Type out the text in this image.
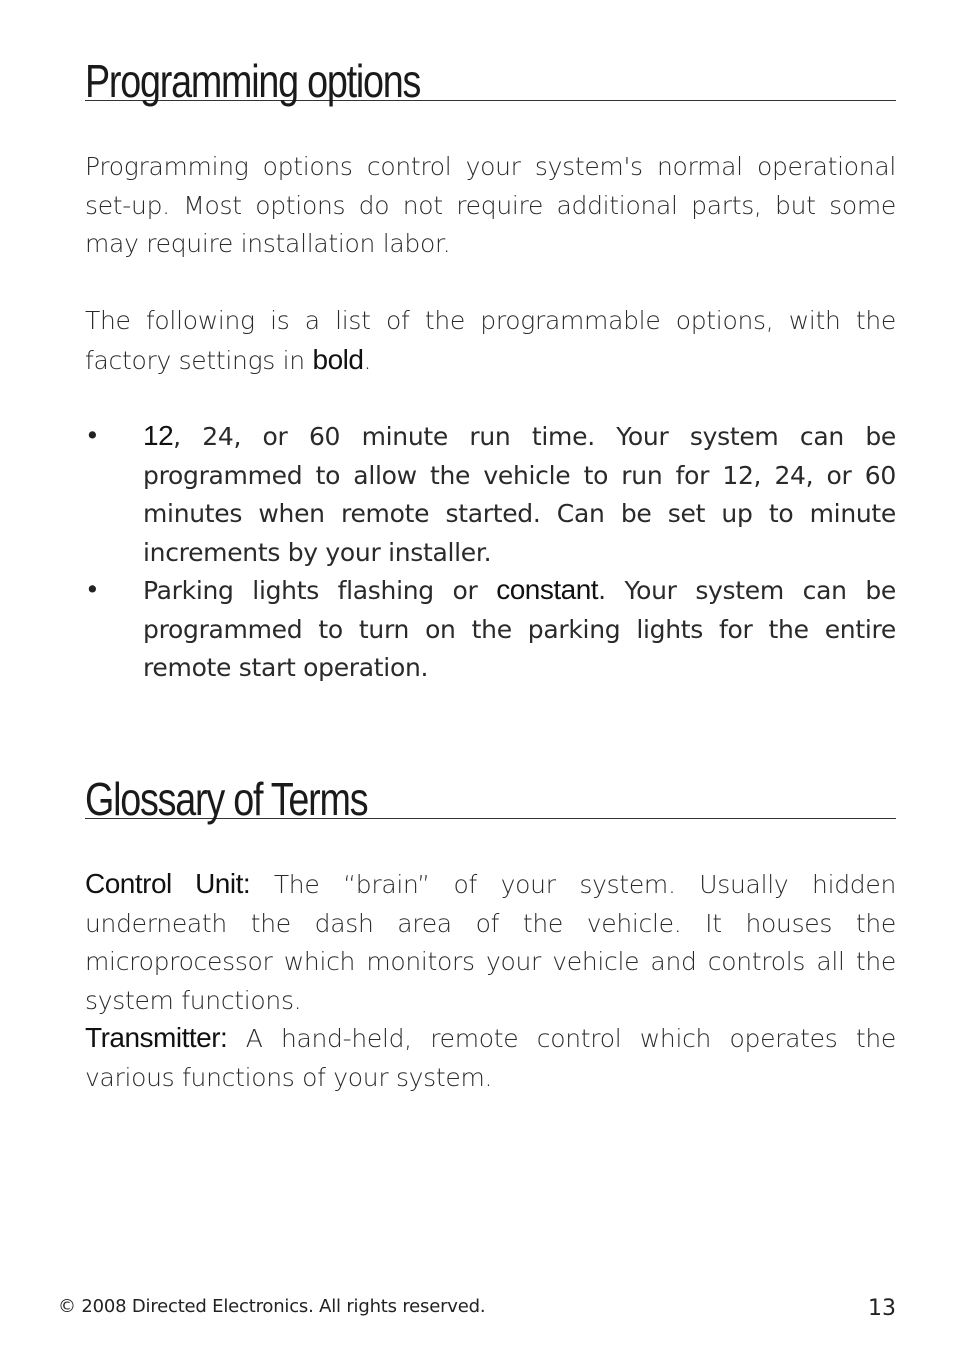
Programming options

Programming options control your system's normal operational set-up. Most options do not require additional parts, but some may require installation labor.

The following is a list of the programmable options, with the factory settings in bold.

• 12, 24, or 60 minute run time. Your system can be programmed to allow the vehicle to run for 12, 24, or 60 minutes when remote started. Can be set up to minute increments by your installer.

• Parking lights flashing or constant. Your system can be programmed to turn on the parking lights for the entire remote start operation.

Glossary of Terms

Control Unit: The “brain” of your system. Usually hidden underneath the dash area of the vehicle. It houses the microprocessor which monitors your vehicle and controls all the system functions.

Transmitter: A hand-held, remote control which operates the various functions of your system.

© 2008 Directed Electronics. All rights reserved.	13
